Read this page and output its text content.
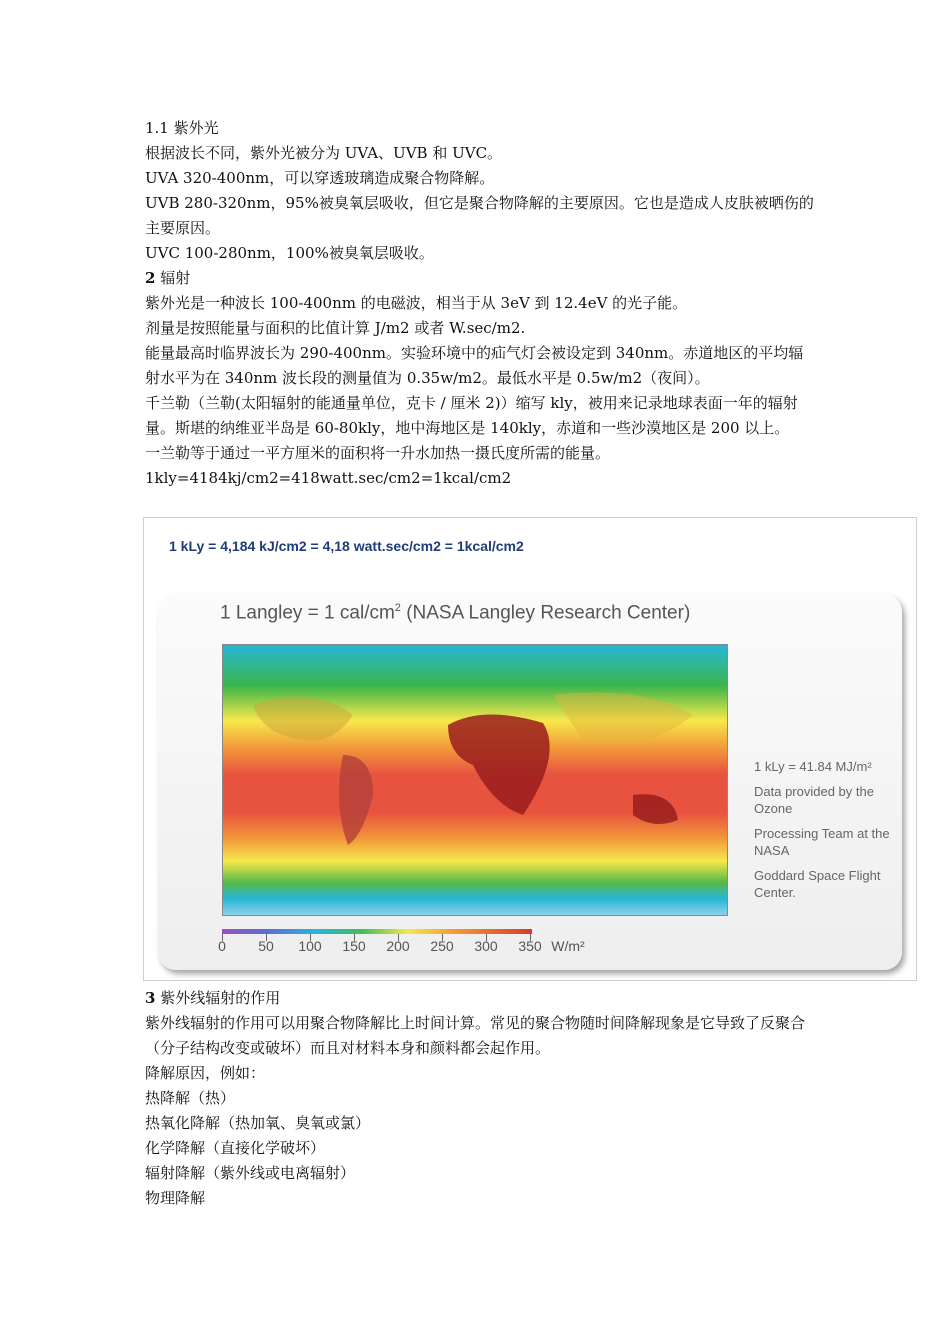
1.1 紫外光

根据波长不同，紫外光被分为 UVA、UVB 和 UVC。

UVA 320-400nm，可以穿透玻璃造成聚合物降解。

UVB 280-320nm，95%被臭氧层吸收，但它是聚合物降解的主要原因。它也是造成人皮肤被晒伤的主要原因。

UVC 100-280nm，100%被臭氧层吸收。

2 辐射

紫外光是一种波长 100-400nm 的电磁波，相当于从 3eV 到 12.4eV 的光子能。

剂量是按照能量与面积的比值计算 J/m2 或者 W.sec/m2.

能量最高时临界波长为 290-400nm。实验环境中的疝气灯会被设定到 340nm。赤道地区的平均辐射水平为在 340nm 波长段的测量值为 0.35w/m2。最低水平是 0.5w/m2（夜间）。

千兰勒（兰勒(太阳辐射的能通量单位，克卡 / 厘米 2)）缩写 kly，被用来记录地球表面一年的辐射量。斯堪的纳维亚半岛是 60-80kly，地中海地区是 140kly，赤道和一些沙漠地区是 200 以上。

一兰勒等于通过一平方厘米的面积将一升水加热一摄氏度所需的能量。

1kly=4184kj/cm2=418watt.sec/cm2=1kcal/cm2

1 kLy = 4,184 kJ/cm2 = 4,18 watt.sec/cm2 = 1kcal/cm2
1 Langley = 1 cal/$cm^2$ (NASA Langley Research Center)
0 50 100 150 200 250 300 350 W/m²
1 kLy = 41.84 MJ/m²
Data provided by the Ozone
Processing Team at the NASA
Goddard Space Flight Center.

3 紫外线辐射的作用

紫外线辐射的作用可以用聚合物降解比上时间计算。常见的聚合物随时间降解现象是它导致了反聚合（分子结构改变或破坏）而且对材料本身和颜料都会起作用。

降解原因，例如：

热降解（热）

热氧化降解（热加氧、臭氧或氯）

化学降解（直接化学破坏）

辐射降解（紫外线或电离辐射）

物理降解
